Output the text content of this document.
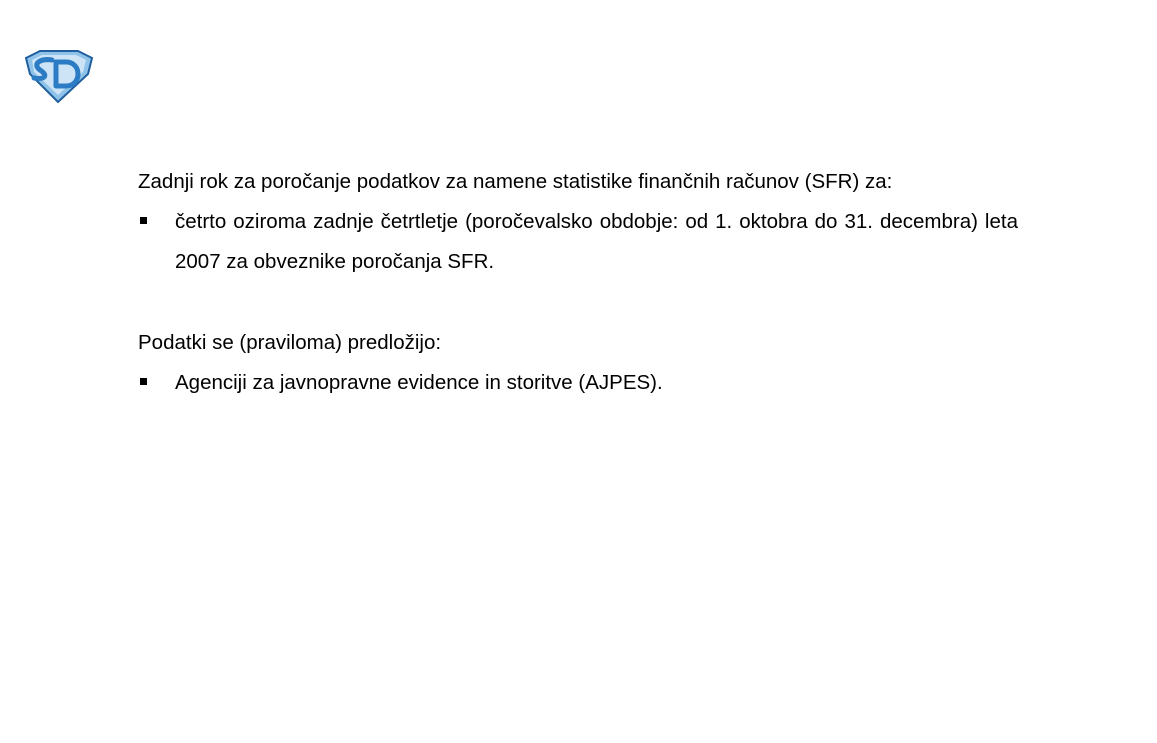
Zadnji rok za poročanje podatkov za namene statistike finančnih računov (SFR) za:

četrto oziroma zadnje četrtletje (poročevalsko obdobje: od 1. oktobra do 31. decembra) leta 2007 za obveznike poročanja SFR.

Podatki se (praviloma) predložijo:

Agenciji za javnopravne evidence in storitve (AJPES).
